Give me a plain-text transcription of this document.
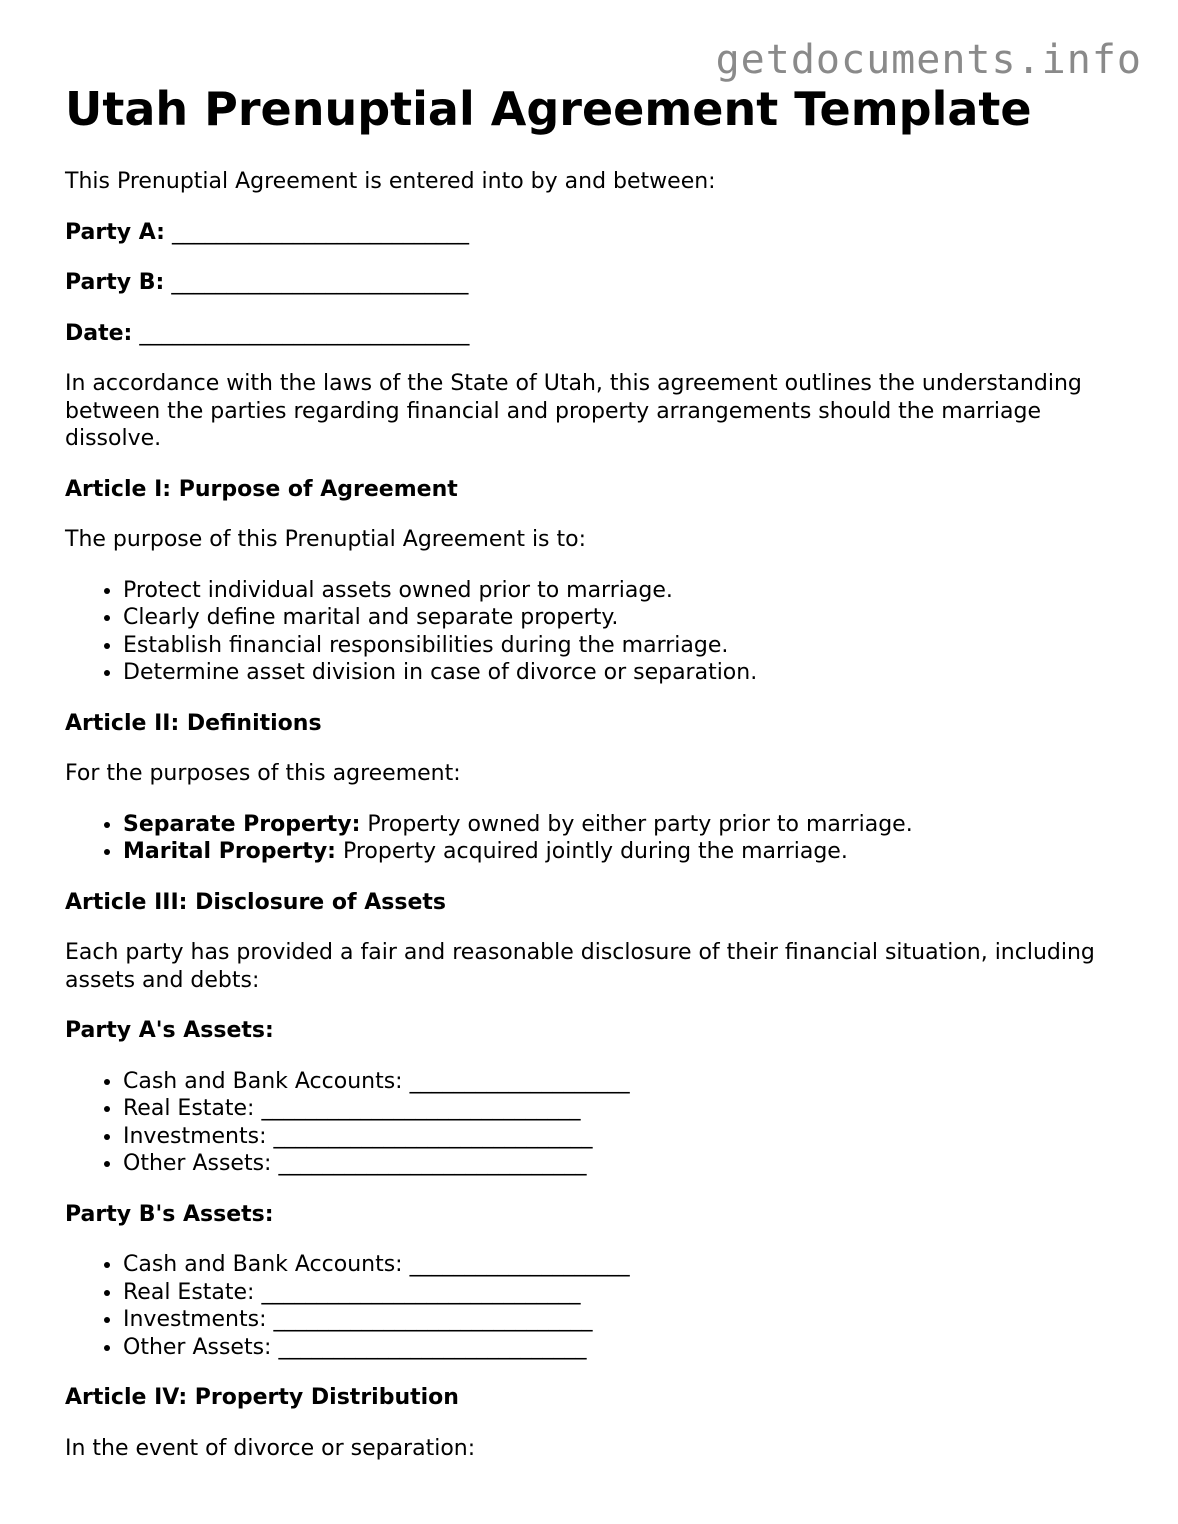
getdocuments.info
Utah Prenuptial Agreement Template

This Prenuptial Agreement is entered into by and between:

Party A: ___________________________

Party B: ___________________________

Date: ______________________________

In accordance with the laws of the State of Utah, this agreement outlines the understanding between the parties regarding financial and property arrangements should the marriage dissolve.

Article I: Purpose of Agreement

The purpose of this Prenuptial Agreement is to:

• Protect individual assets owned prior to marriage.
• Clearly define marital and separate property.
• Establish financial responsibilities during the marriage.
• Determine asset division in case of divorce or separation.

Article II: Definitions

For the purposes of this agreement:

• Separate Property: Property owned by either party prior to marriage.
• Marital Property: Property acquired jointly during the marriage.

Article III: Disclosure of Assets

Each party has provided a fair and reasonable disclosure of their financial situation, including assets and debts:

Party A's Assets:

• Cash and Bank Accounts: ____________________
• Real Estate: _____________________________
• Investments: _____________________________
• Other Assets: ____________________________

Party B's Assets:

• Cash and Bank Accounts: ____________________
• Real Estate: _____________________________
• Investments: _____________________________
• Other Assets: ____________________________

Article IV: Property Distribution

In the event of divorce or separation:
